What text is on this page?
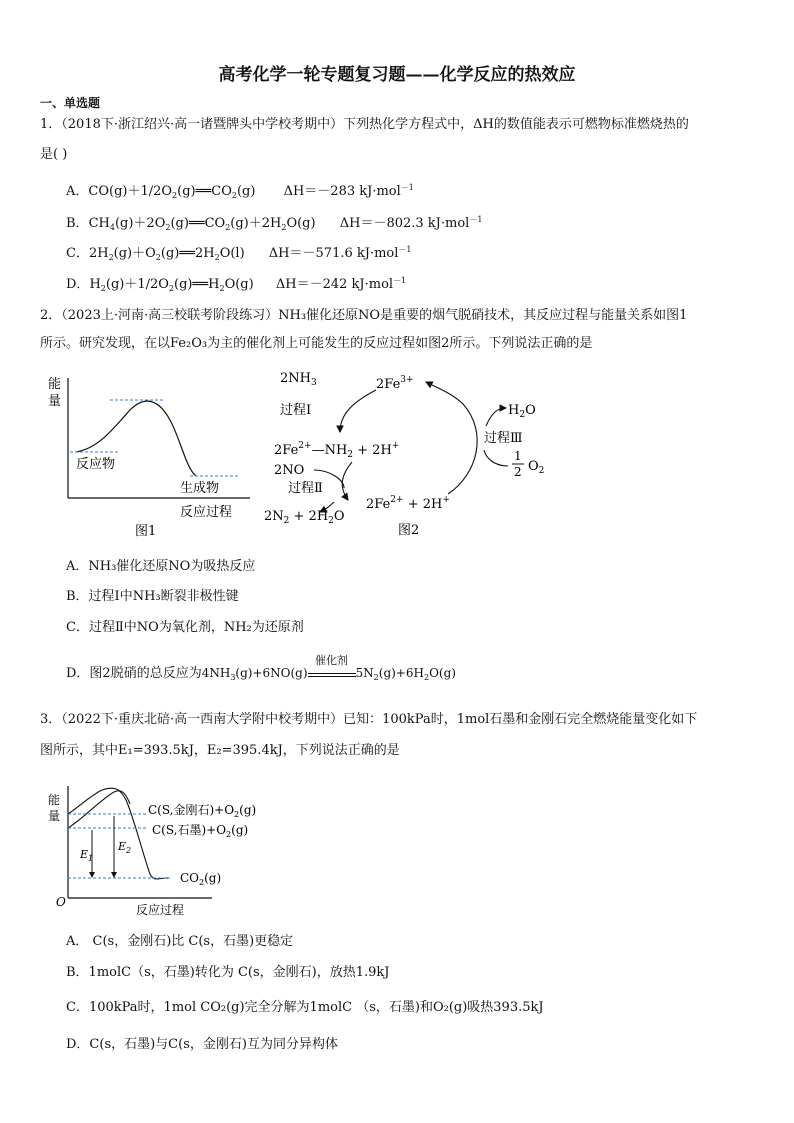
高考化学一轮专题复习题——化学反应的热效应
一、单选题
1．（2018下·浙江绍兴·高一诸暨牌头中学校考期中）下列热化学方程式中，ΔH的数值能表示可燃物标准燃烧热的
是( )
A．$CO(g)+1/2O_2(g)══CO_2(g)$ ΔH＝－283 kJ·mol$^{-1}$
B．$CH_4(g)+2O_2(g)══CO_2(g)+2H_2O(g)$ ΔH＝－802.3 kJ·mol$^{-1}$
C．$2H_2(g)+O_2(g)══2H_2O(l)$ ΔH＝－571.6 kJ·mol$^{-1}$
D．$H_2(g)+1/2O_2(g)══H_2O(g)$ ΔH＝－242 kJ·mol$^{-1}$
2．（2023上·河南·高三校联考阶段练习）NH₃催化还原NO是重要的烟气脱硝技术，其反应过程与能量关系如图1
所示。研究发现，在以Fe₂O₃为主的催化剂上可能发生的反应过程如图2所示。下列说法正确的是
能
量
反应物
生成物
反应过程
图1
$2NH_3$	$2Fe^{3+}$
过程Ⅰ
$2Fe^{2+}—NH_2 + 2H^+$
2NO
过程Ⅱ
$2N_2 + 2H_2O$
$2Fe^{2+} + 2H^+$
$H_2O$
过程Ⅲ
1
2 $O_2$
图2
A．NH₃催化还原NO为吸热反应
B．过程Ⅰ中NH₃断裂非极性键
C．过程Ⅱ中NO为氧化剂，NH₂为还原剂
D．图2脱硝的总反应为$4NH_3(g)+6NO(g)$
催化剂
$5N_2(g)+6H_2O(g)$
3．（2022下·重庆北碚·高一西南大学附中校考期中）已知：100kPa时，1mol石墨和金刚石完全燃烧能量变化如下
图所示，其中E₁=393.5kJ，E₂=395.4kJ，下列说法正确的是
能
量
O
$E_1$
$E_2$
C(S,金刚石)$+O_2(g)$
C(S,石墨)$+O_2(g)$
$CO_2(g)$
反应过程
A． C(s，金刚石)比 C(s，石墨)更稳定
B．1molC（s，石墨)转化为 C(s，金刚石)，放热1.9kJ
C．100kPa时，1mol CO₂(g)完全分解为1molC （s，石墨)和O₂(g)吸热393.5kJ
D．C(s，石墨)与C(s，金刚石)互为同分异构体
